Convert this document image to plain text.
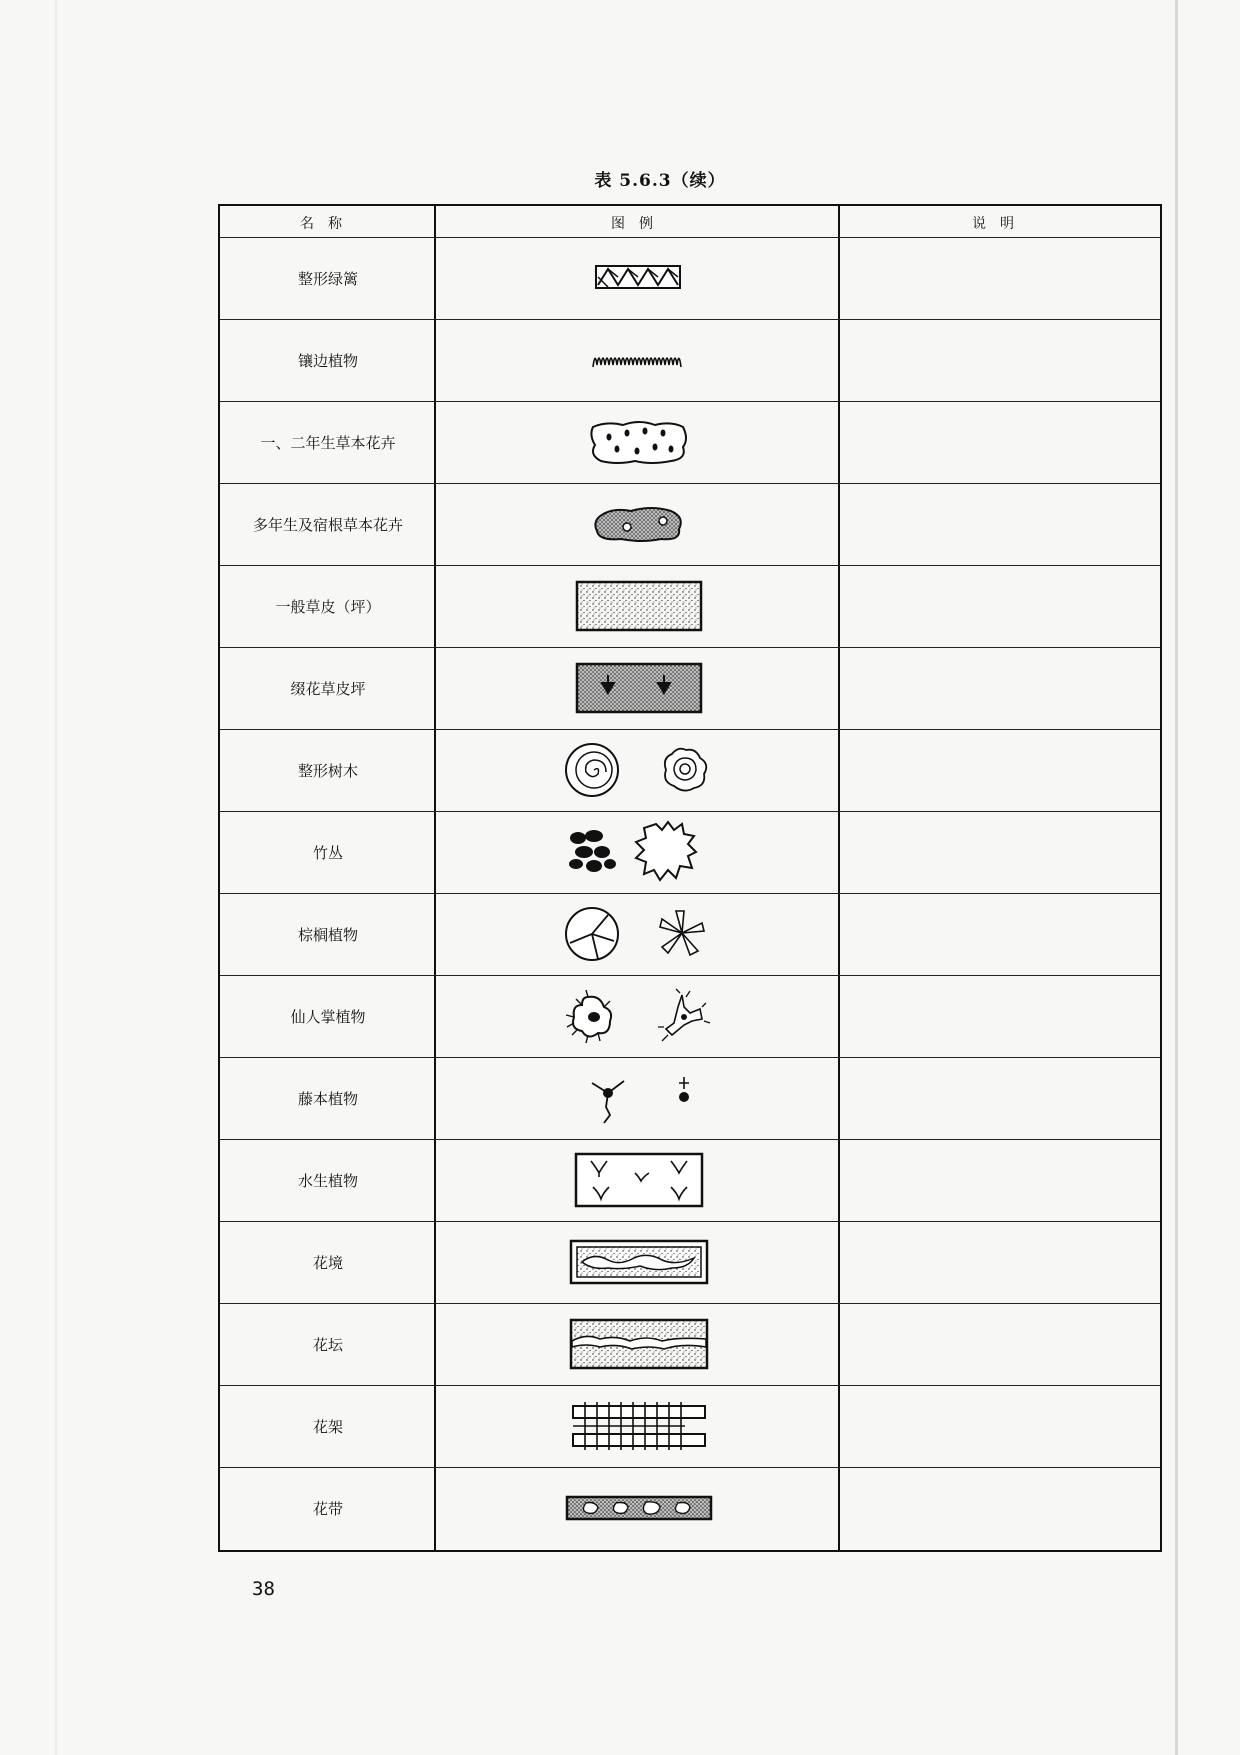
表 5.6.3（续）
名称	图例	说明
整形绿篱
镶边植物
一、二年生草本花卉
多年生及宿根草本花卉
一般草皮（坪）
缀花草皮坪
整形树木
竹丛
棕榈植物
仙人掌植物
藤本植物
水生植物
花境
花坛
花架
花带
38
